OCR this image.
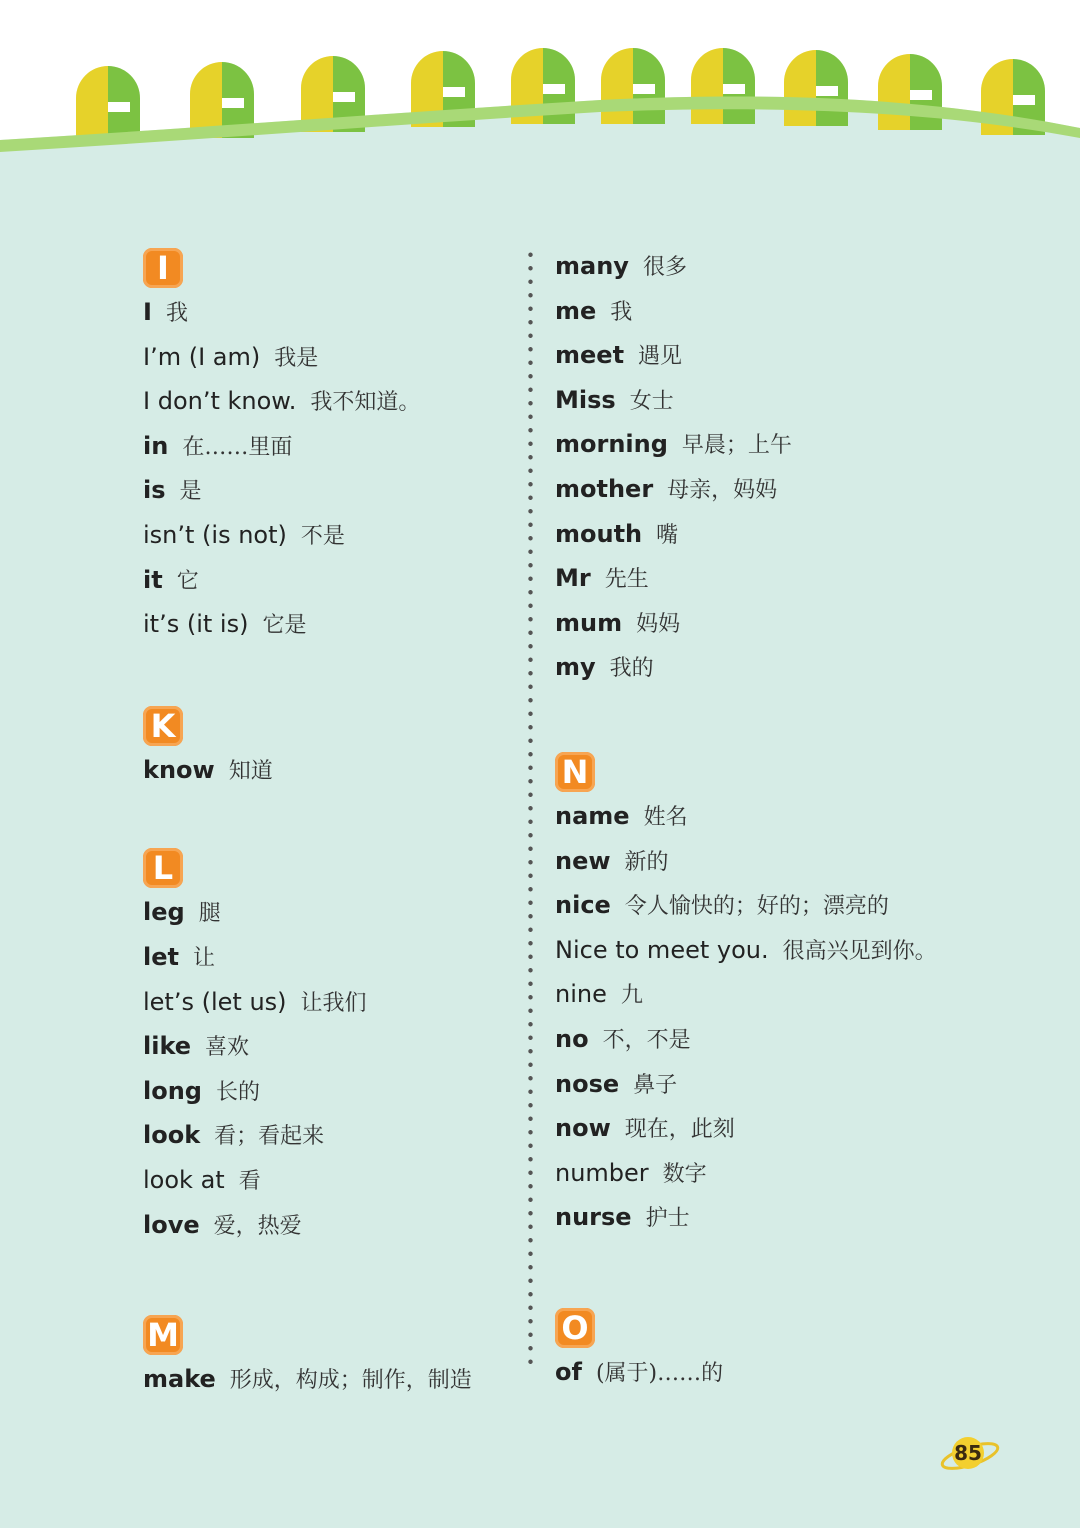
I
I 我
I’m (I am) 我是
I don’t know. 我不知道。
in 在……里面
is 是
isn’t (is not) 不是
it 它
it’s (it is) 它是
K
know 知道
L
leg 腿
let 让
let’s (let us) 让我们
like 喜欢
long 长的
look 看；看起来
look at 看
love 爱，热爱
M
make 形成，构成；制作，制造
many 很多
me 我
meet 遇见
Miss 女士
morning 早晨；上午
mother 母亲，妈妈
mouth 嘴
Mr 先生
mum 妈妈
my 我的
N
name 姓名
new 新的
nice 令人愉快的；好的；漂亮的
Nice to meet you. 很高兴见到你。
nine 九
no 不，不是
nose 鼻子
now 现在，此刻
number 数字
nurse 护士
O
of (属于)……的
85
